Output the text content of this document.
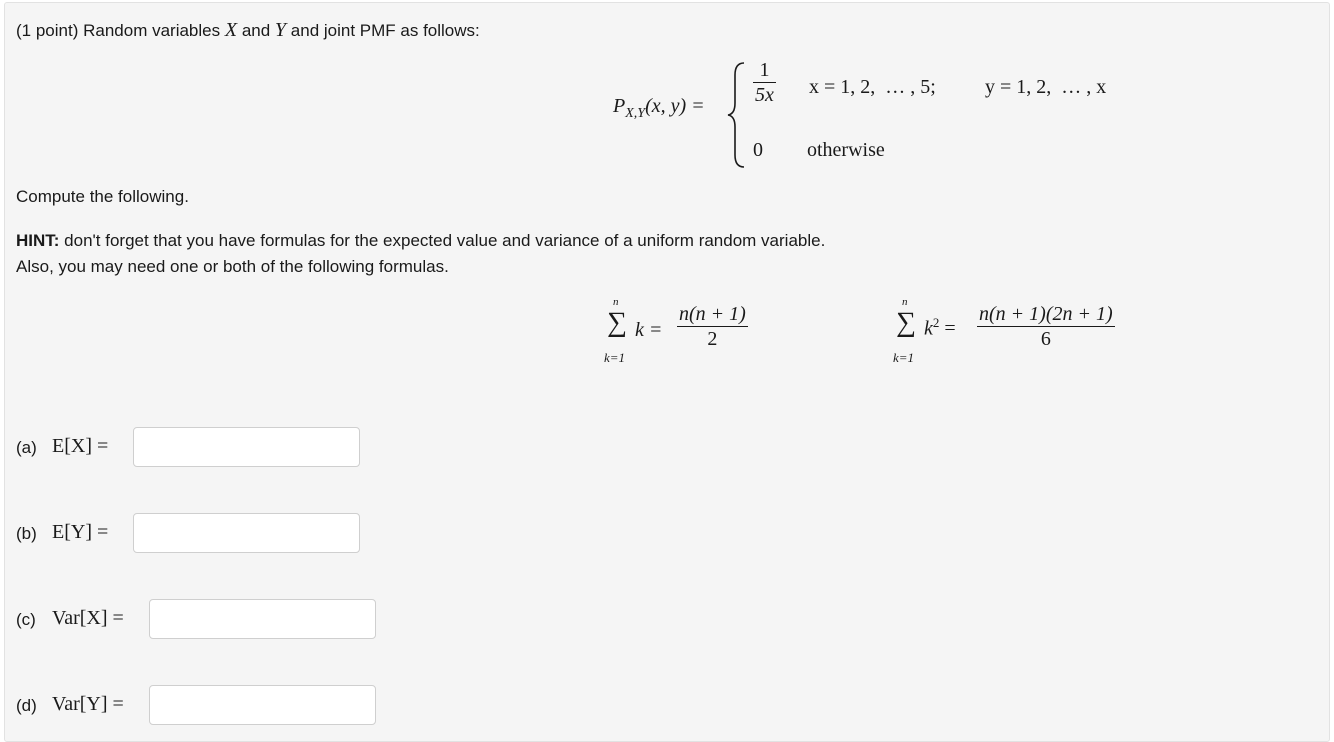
(1 point) Random variables X and Y and joint PMF as follows:
$P_{X,Y}(x$, $y) = \frac{1}{5x}$ x = 1, 2,  … , 5; y = 1, 2,  … , x
0 otherwise
Compute the following.
HINT: don't forget that you have formulas for the expected value and variance of a uniform random variable.
Also, you may need one or both of the following formulas.
n
∑
k=1
$k = \frac{n(n + 1)}{2}$
n
∑
k=1
$k^2 = \frac{n(n + 1)(2n + 1)}{6}$
(a) E[X] =
(b) E[Y] =
(c) Var[X] =
(d) Var[Y] =
